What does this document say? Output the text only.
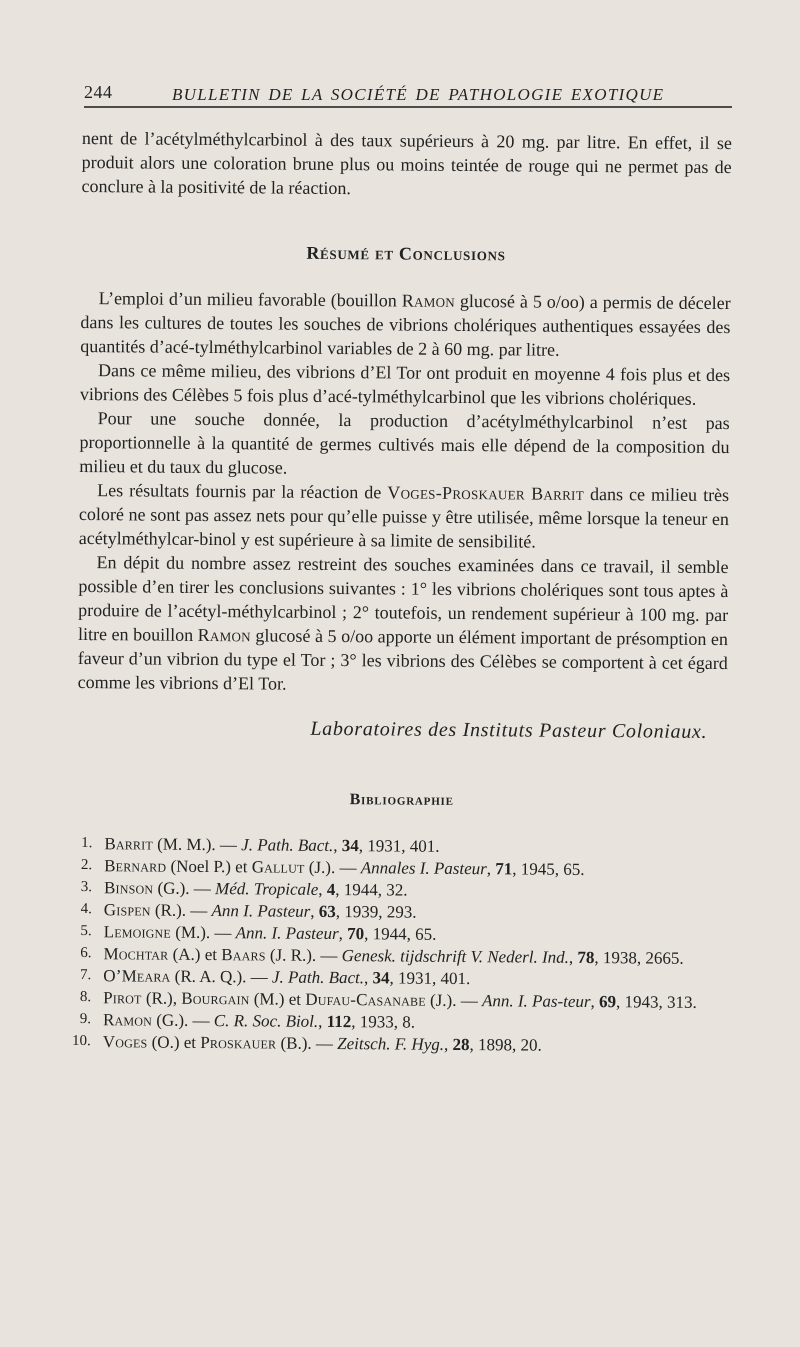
244	BULLETIN DE LA SOCIÉTÉ DE PATHOLOGIE EXOTIQUE

nent de l’acétylméthylcarbinol à des taux supérieurs à 20 mg. par litre. En effet, il se produit alors une coloration brune plus ou moins teintée de rouge qui ne permet pas de conclure à la positivité de la réaction.

Résumé et Conclusions

L’emploi d’un milieu favorable (bouillon Ramon glucosé à 5 o/oo) a permis de déceler dans les cultures de toutes les souches de vibrions cholériques authentiques essayées des quantités d’acé-tylméthylcarbinol variables de 2 à 60 mg. par litre.

Dans ce même milieu, des vibrions d’El Tor ont produit en moyenne 4 fois plus et des vibrions des Célèbes 5 fois plus d’acé-tylméthylcarbinol que les vibrions cholériques.

Pour une souche donnée, la production d’acétylméthylcarbinol n’est pas proportionnelle à la quantité de germes cultivés mais elle dépend de la composition du milieu et du taux du glucose.

Les résultats fournis par la réaction de Voges-Proskauer Barrit dans ce milieu très coloré ne sont pas assez nets pour qu’elle puisse y être utilisée, même lorsque la teneur en acétylméthylcar-binol y est supérieure à sa limite de sensibilité.

En dépit du nombre assez restreint des souches examinées dans ce travail, il semble possible d’en tirer les conclusions suivantes : 1° les vibrions cholériques sont tous aptes à produire de l’acétyl-méthylcarbinol ; 2° toutefois, un rendement supérieur à 100 mg. par litre en bouillon Ramon glucosé à 5 o/oo apporte un élément important de présomption en faveur d’un vibrion du type el Tor ; 3° les vibrions des Célèbes se comportent à cet égard comme les vibrions d’El Tor.

Laboratoires des Instituts Pasteur Coloniaux.

Bibliographie
1. Barrit (M. M.). — J. Path. Bact., 34, 1931, 401.
2. Bernard (Noel P.) et Gallut (J.). — Annales I. Pasteur, 71, 1945, 65.
3. Binson (G.). — Méd. Tropicale, 4, 1944, 32.
4. Gispen (R.). — Ann I. Pasteur, 63, 1939, 293.
5. Lemoigne (M.). — Ann. I. Pasteur, 70, 1944, 65.
6. Mochtar (A.) et Baars (J. R.). — Genesk. tijdschrift V. Nederl. Ind., 78, 1938, 2665.
7. O’Meara (R. A. Q.). — J. Path. Bact., 34, 1931, 401.
8. Pirot (R.), Bourgain (M.) et Dufau-Casanabe (J.). — Ann. I. Pas-teur, 69, 1943, 313.
9. Ramon (G.). — C. R. Soc. Biol., 112, 1933, 8.
10. Voges (O.) et Proskauer (B.). — Zeitsch. F. Hyg., 28, 1898, 20.
